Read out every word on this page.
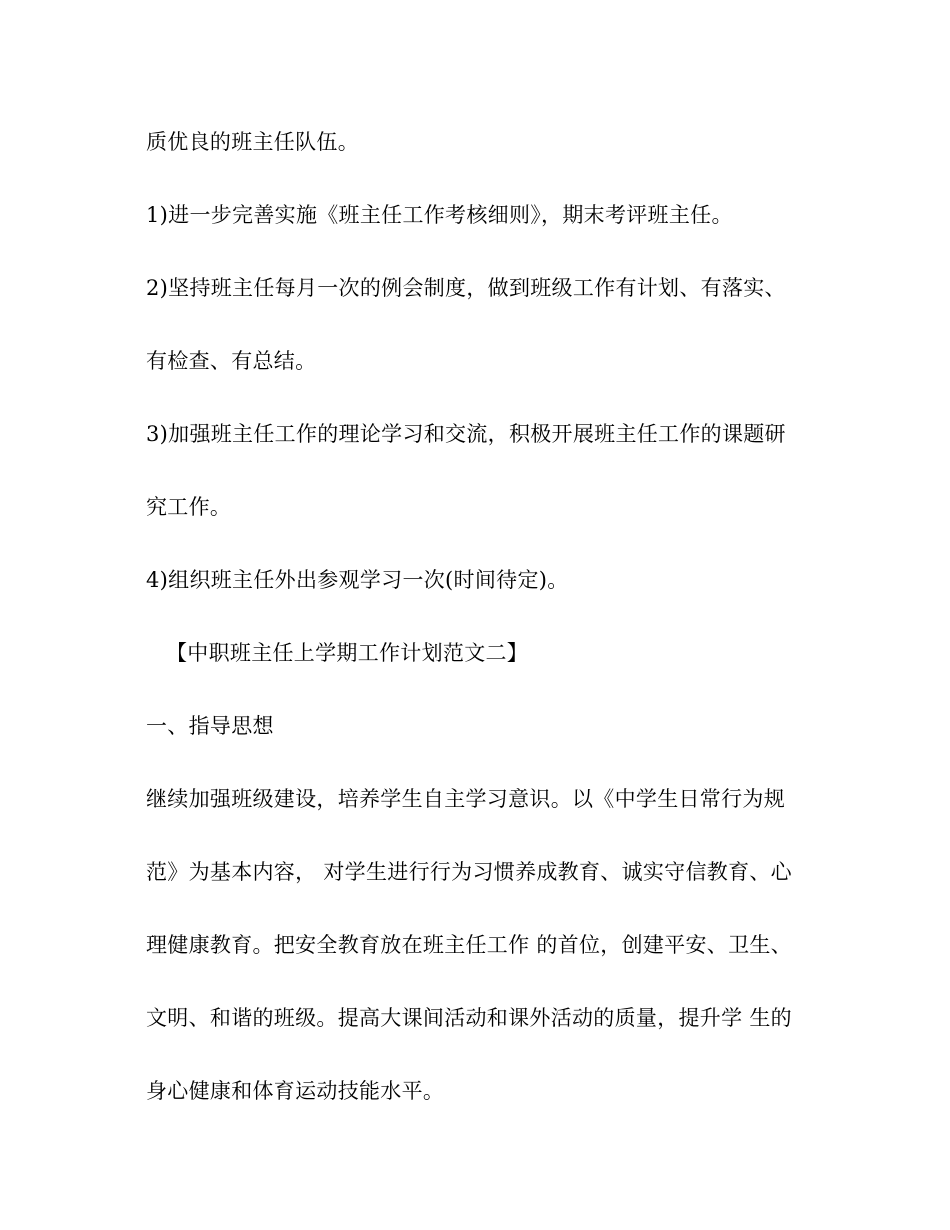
质优良的班主任队伍。
1)进一步完善实施《班主任工作考核细则》，期末考评班主任。
2)坚持班主任每月一次的例会制度，做到班级工作有计划、有落实、
有检查、有总结。
3)加强班主任工作的理论学习和交流，积极开展班主任工作的课题研
究工作。
4)组织班主任外出参观学习一次(时间待定)。
【中职班主任上学期工作计划范文二】
一、指导思想
继续加强班级建设，培养学生自主学习意识。以《中学生日常行为规
范》为基本内容， 对学生进行行为习惯养成教育、诚实守信教育、心
理健康教育。把安全教育放在班主任工作 的首位，创建平安、卫生、
文明、和谐的班级。提高大课间活动和课外活动的质量，提升学 生的
身心健康和体育运动技能水平。
